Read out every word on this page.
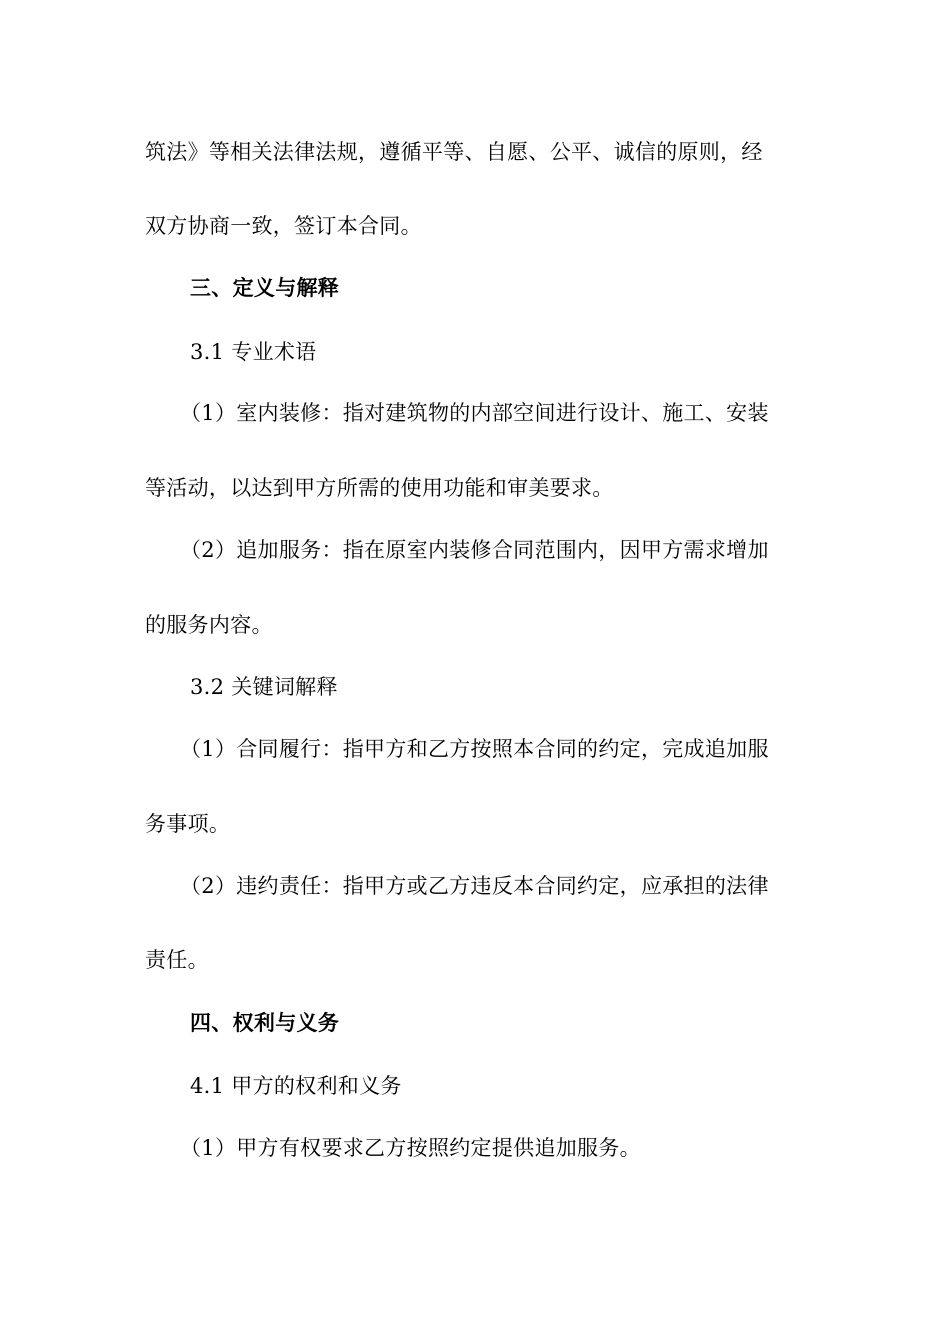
筑法》等相关法律法规，遵循平等、自愿、公平、诚信的原则，经
双方协商一致，签订本合同。
三、定义与解释
3.1 专业术语
（1）室内装修：指对建筑物的内部空间进行设计、施工、安装
等活动，以达到甲方所需的使用功能和审美要求。
（2）追加服务：指在原室内装修合同范围内，因甲方需求增加
的服务内容。
3.2 关键词解释
（1）合同履行：指甲方和乙方按照本合同的约定，完成追加服
务事项。
（2）违约责任：指甲方或乙方违反本合同约定，应承担的法律
责任。
四、权利与义务
4.1 甲方的权利和义务
（1）甲方有权要求乙方按照约定提供追加服务。
